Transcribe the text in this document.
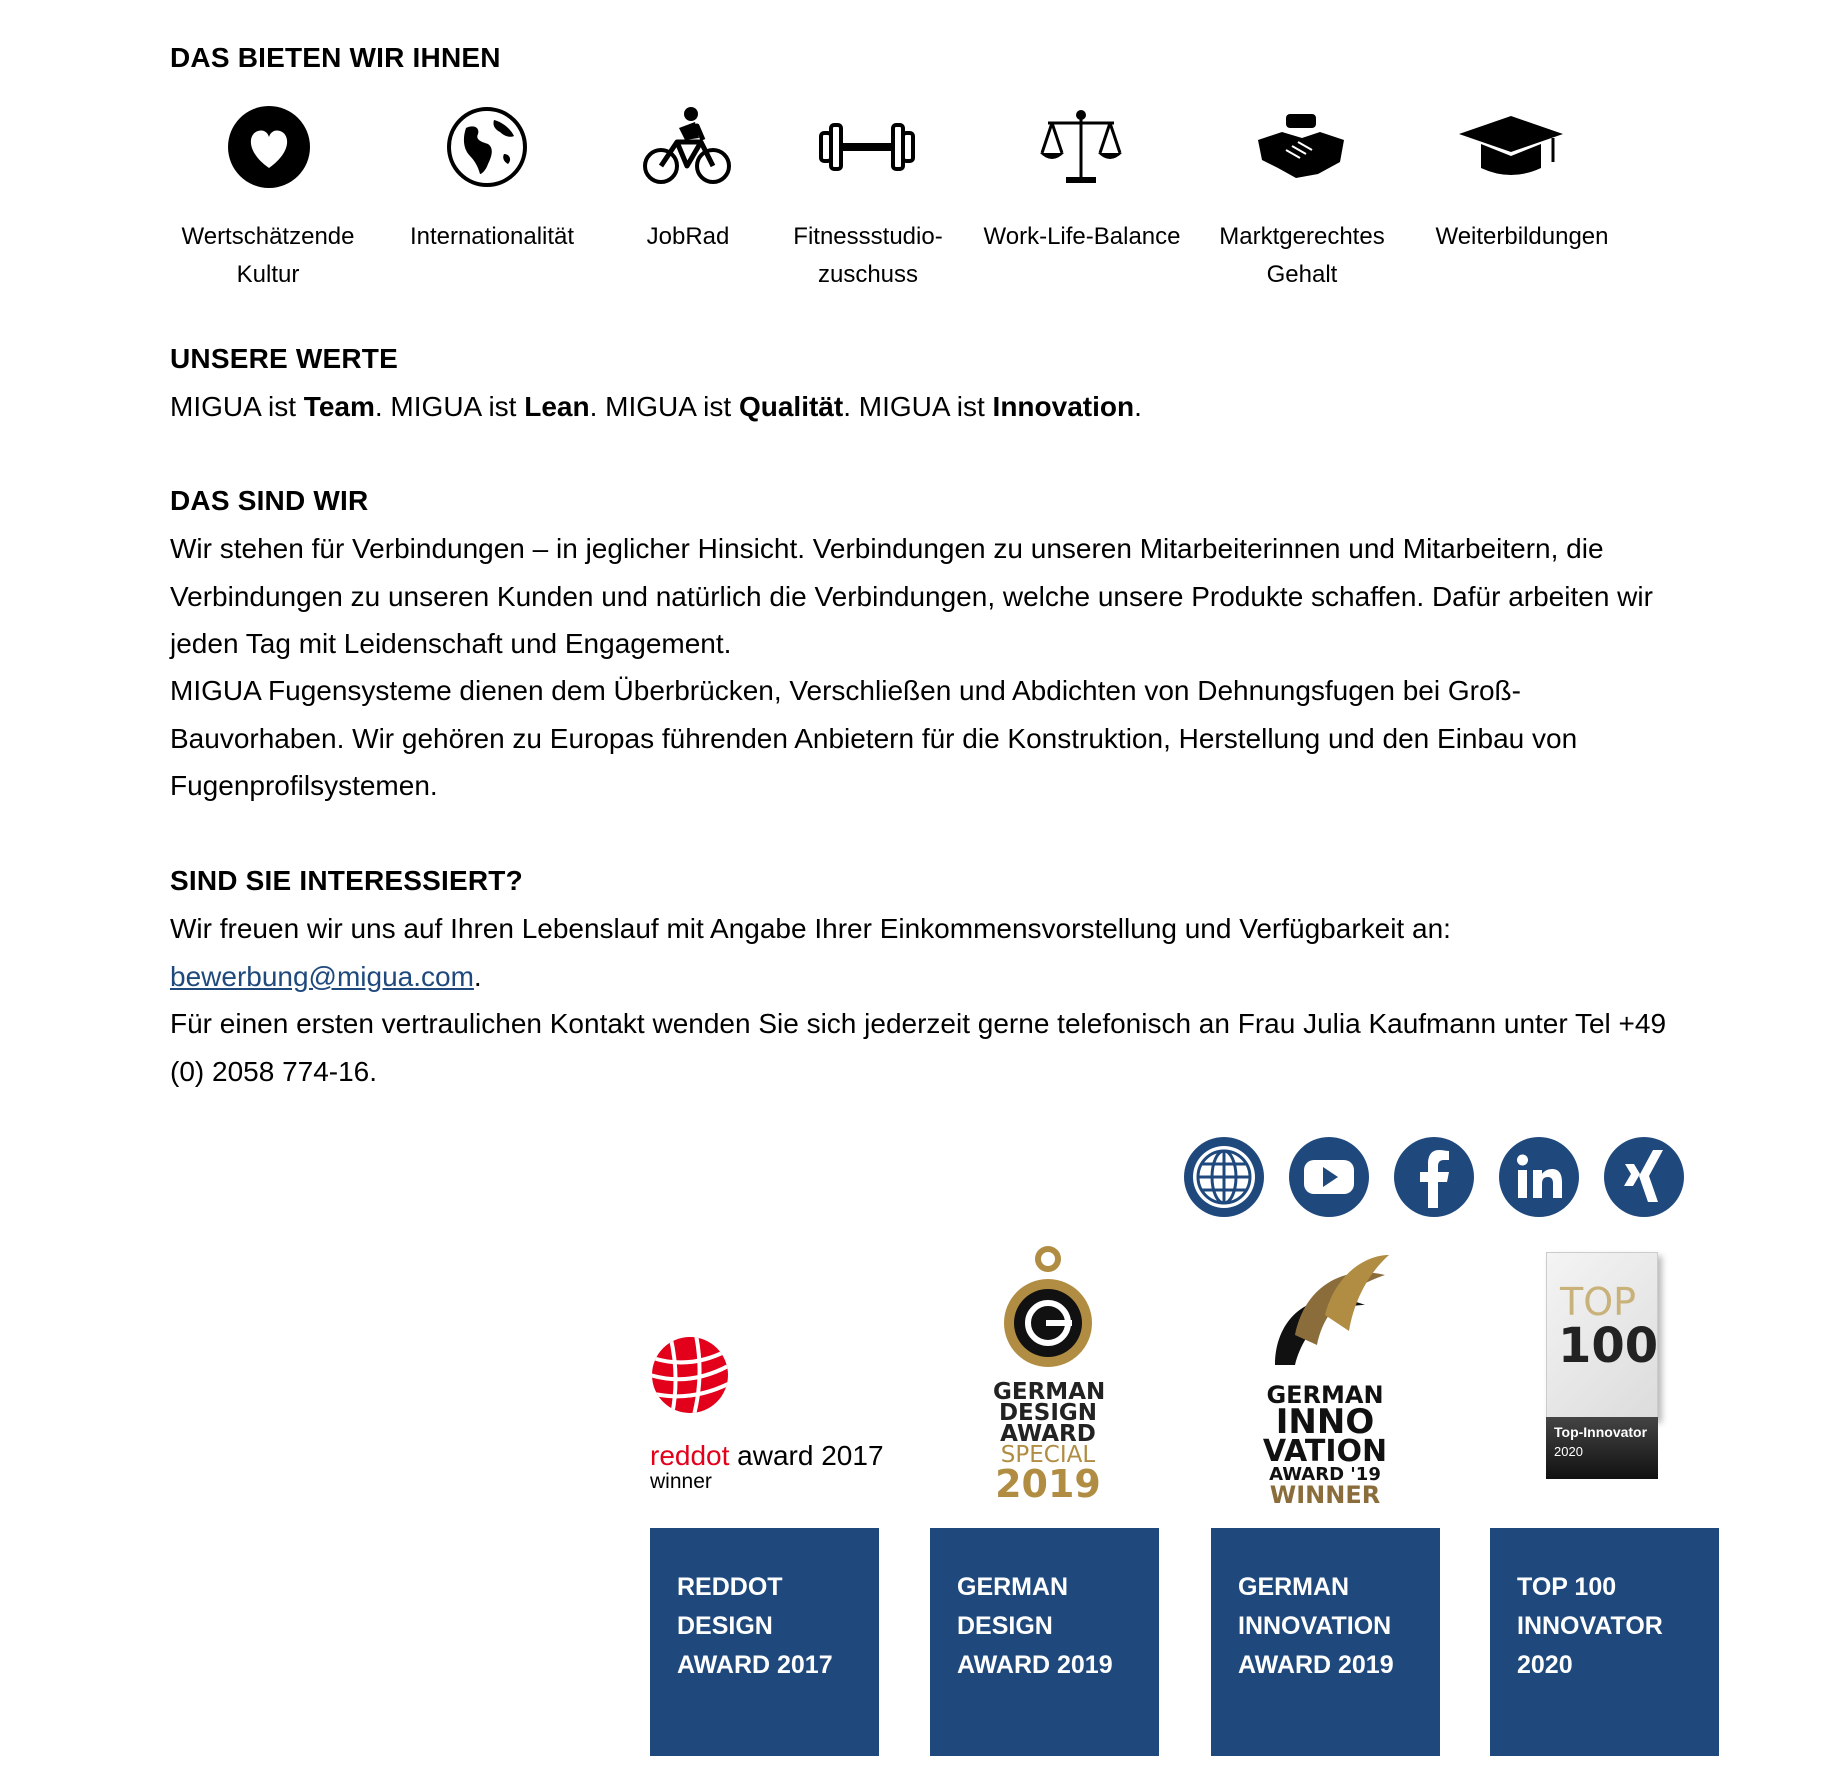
DAS BIETEN WIR IHNEN
Wertschätzende
Kultur
Internationalität	JobRad	Fitnessstudio-
zuschuss
Work-Life-Balance	Marktgerechtes
Gehalt
Weiterbildungen
UNSERE WERTE
MIGUA ist Team. MIGUA ist Lean. MIGUA ist Qualität. MIGUA ist Innovation.
DAS SIND WIR
Wir stehen für Verbindungen – in jeglicher Hinsicht. Verbindungen zu unseren Mitarbeiterinnen und Mitarbeitern, die Verbindungen zu unseren Kunden und natürlich die Verbindungen, welche unsere Produkte schaffen. Dafür arbeiten wir jeden Tag mit Leidenschaft und Engagement.
MIGUA Fugensysteme dienen dem Überbrücken, Verschließen und Abdichten von Dehnungsfugen bei Groß-Bauvorhaben. Wir gehören zu Europas führenden Anbietern für die Konstruktion, Herstellung und den Einbau von Fugenprofilsystemen.
SIND SIE INTERESSIERT?
Wir freuen wir uns auf Ihren Lebenslauf mit Angabe Ihrer Einkommensvorstellung und Verfügbarkeit an:
bewerbung@migua.com.
Für einen ersten vertraulichen Kontakt wenden Sie sich jederzeit gerne telefonisch an Frau Julia Kaufmann unter Tel +49 (0) 2058 774-16.
reddot award 2017
winner
GERMAN
DESIGN
AWARD
SPECIAL
2019
GERMAN
INNO
VATION
AWARD '19
WINNER
TOP
100
Top-Innovator
2020
REDDOT
DESIGN
AWARD 2017
GERMAN
DESIGN
AWARD 2019
GERMAN
INNOVATION
AWARD 2019
TOP 100
INNOVATOR
2020
